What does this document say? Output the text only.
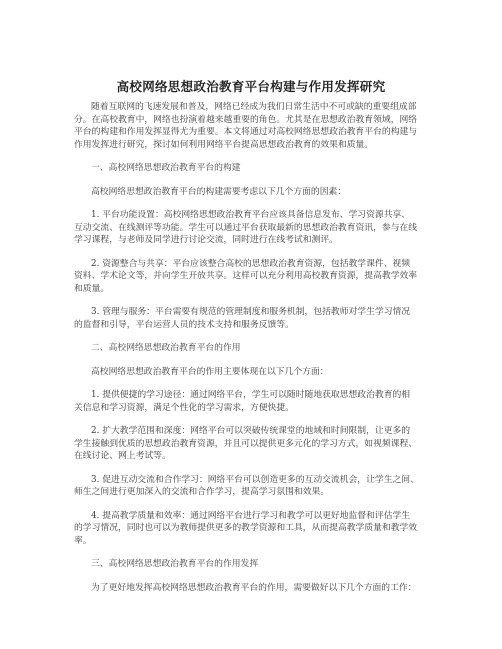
高校网络思想政治教育平台构建与作用发挥研究
随着互联网的飞速发展和普及，网络已经成为我们日常生活中不可或缺的重要组成部
分。在高校教育中，网络也扮演着越来越重要的角色。尤其是在思想政治教育领域，网络
平台的构建和作用发挥显得尤为重要。本文将通过对高校网络思想政治教育平台的构建与
作用发挥进行研究，探讨如何利用网络平台提高思想政治教育的效果和质量。
一、高校网络思想政治教育平台的构建
高校网络思想政治教育平台的构建需要考虑以下几个方面的因素：
1. 平台功能设置：高校网络思想政治教育平台应该具备信息发布、学习资源共享、
互动交流、在线测评等功能。学生可以通过平台获取最新的思想政治教育资讯，参与在线
学习课程，与老师及同学进行讨论交流，同时进行在线考试和测评。
2. 资源整合与共享：平台应该整合高校的思想政治教育资源，包括教学课件、视频
资料、学术论文等，并向学生开放共享。这样可以充分利用高校教育资源，提高教学效率
和质量。
3. 管理与服务：平台需要有规范的管理制度和服务机制，包括教师对学生学习情况
的监督和引导，平台运营人员的技术支持和服务反馈等。
二、高校网络思想政治教育平台的作用
高校网络思想政治教育平台的作用主要体现在以下几个方面：
1. 提供便捷的学习途径：通过网络平台，学生可以随时随地获取思想政治教育的相
关信息和学习资源，满足个性化的学习需求，方便快捷。
2. 扩大教学范围和深度：网络平台可以突破传统课堂的地域和时间限制，让更多的
学生接触到优质的思想政治教育资源，并且可以提供更多元化的学习方式，如视频课程、
在线讨论、网上考试等。
3. 促进互动交流和合作学习：网络平台可以创造更多的互动交流机会，让学生之间、
师生之间进行更加深入的交流和合作学习，提高学习氛围和效果。
4. 提高教学质量和效率：通过网络平台进行学习和教学可以更好地监督和评估学生
的学习情况，同时也可以为教师提供更多的教学资源和工具，从而提高教学质量和教学效
率。
三、高校网络思想政治教育平台的作用发挥
为了更好地发挥高校网络思想政治教育平台的作用，需要做好以下几个方面的工作：
